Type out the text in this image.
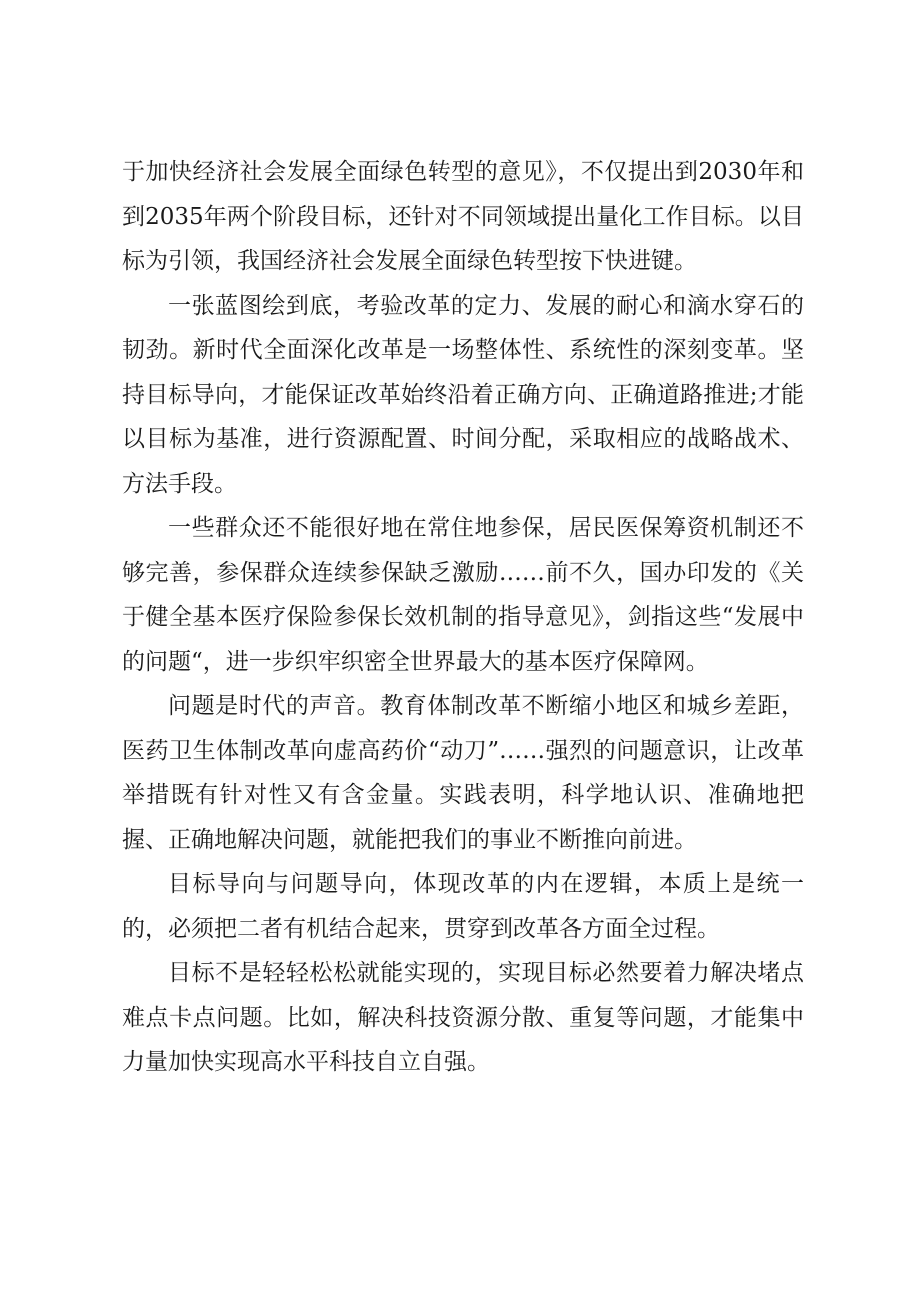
于加快经济社会发展全面绿色转型的意见》，不仅提出到2030年和到2035年两个阶段目标，还针对不同领域提出量化工作目标。以目标为引领，我国经济社会发展全面绿色转型按下快进键。

一张蓝图绘到底，考验改革的定力、发展的耐心和滴水穿石的韧劲。新时代全面深化改革是一场整体性、系统性的深刻变革。坚持目标导向，才能保证改革始终沿着正确方向、正确道路推进;才能以目标为基准，进行资源配置、时间分配，采取相应的战略战术、方法手段。

一些群众还不能很好地在常住地参保，居民医保筹资机制还不够完善，参保群众连续参保缺乏激励……前不久，国办印发的《关于健全基本医疗保险参保长效机制的指导意见》，剑指这些“发展中的问题“，进一步织牢织密全世界最大的基本医疗保障网。

问题是时代的声音。教育体制改革不断缩小地区和城乡差距，医药卫生体制改革向虚高药价“动刀”……强烈的问题意识，让改革举措既有针对性又有含金量。实践表明，科学地认识、准确地把握、正确地解决问题，就能把我们的事业不断推向前进。

目标导向与问题导向，体现改革的内在逻辑，本质上是统一的，必须把二者有机结合起来，贯穿到改革各方面全过程。

目标不是轻轻松松就能实现的，实现目标必然要着力解决堵点难点卡点问题。比如，解决科技资源分散、重复等问题，才能集中力量加快实现高水平科技自立自强。
